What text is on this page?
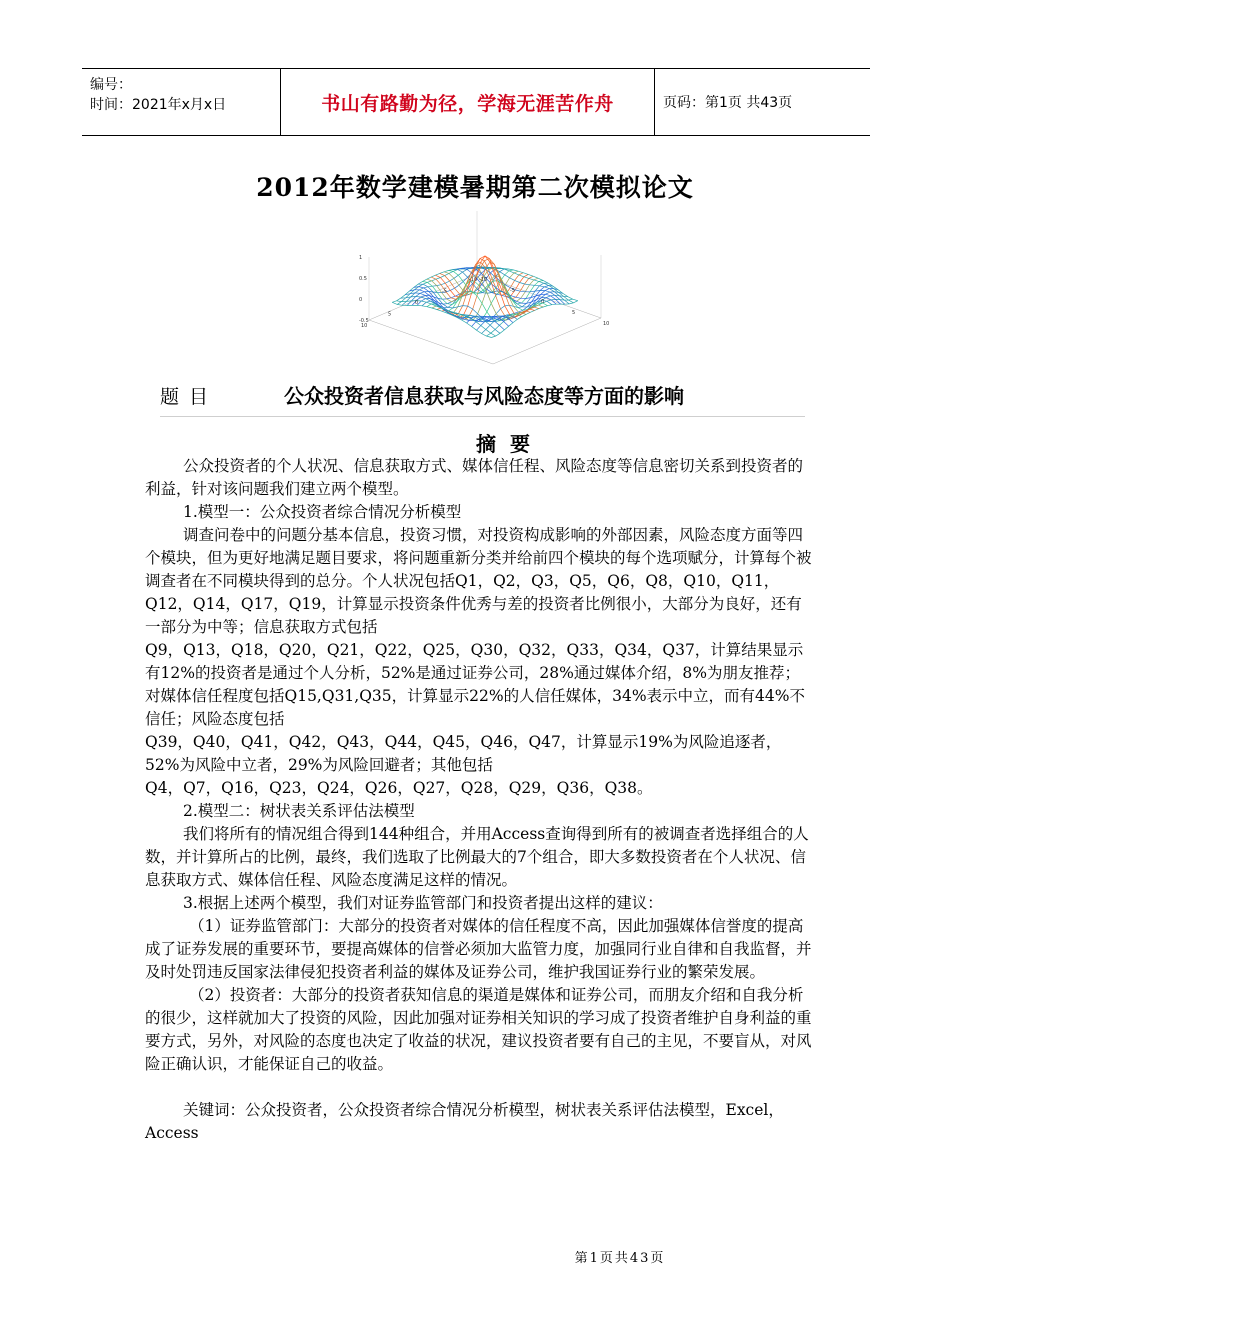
编号：
时间：2021年x月x日	书山有路勤为径，学海无涯苦作舟	页码：第1页 共43页
2012年数学建模暑期第二次模拟论文
1
0.5
0
-0.5
10
5
0
-5
-10
10
5
0
-5
-10
题目	公众投资者信息获取与风险态度等方面的影响
摘要

公众投资者的个人状况、信息获取方式、媒体信任程、风险态度等信息密切关系到投资者的利益，针对该问题我们建立两个模型。

1.模型一：公众投资者综合情况分析模型

调查问卷中的问题分基本信息，投资习惯，对投资构成影响的外部因素，风险态度方面等四个模块，但为更好地满足题目要求，将问题重新分类并给前四个模块的每个选项赋分，计算每个被调查者在不同模块得到的总分。个人状况包括Q1，Q2，Q3，Q5，Q6，Q8，Q10，Q11，Q12，Q14，Q17，Q19，计算显示投资条件优秀与差的投资者比例很小，大部分为良好，还有一部分为中等；信息获取方式包括

Q9，Q13，Q18，Q20，Q21，Q22，Q25，Q30，Q32，Q33，Q34，Q37，计算结果显示有12%的投资者是通过个人分析，52%是通过证券公司，28%通过媒体介绍，8%为朋友推荐；对媒体信任程度包括Q15,Q31,Q35，计算显示22%的人信任媒体，34%表示中立，而有44%不信任；风险态度包括

Q39，Q40，Q41，Q42，Q43，Q44，Q45，Q46，Q47，计算显示19%为风险追逐者，52%为风险中立者，29%为风险回避者；其他包括

Q4，Q7，Q16，Q23，Q24，Q26，Q27，Q28，Q29，Q36，Q38。

2.模型二：树状表关系评估法模型

我们将所有的情况组合得到144种组合，并用Access查询得到所有的被调查者选择组合的人数，并计算所占的比例，最终，我们选取了比例最大的7个组合，即大多数投资者在个人状况、信息获取方式、媒体信任程、风险态度满足这样的情况。

3.根据上述两个模型，我们对证券监管部门和投资者提出这样的建议：

（1）证券监管部门：大部分的投资者对媒体的信任程度不高，因此加强媒体信誉度的提高成了证券发展的重要环节，要提高媒体的信誉必须加大监管力度，加强同行业自律和自我监督，并及时处罚违反国家法律侵犯投资者利益的媒体及证券公司，维护我国证券行业的繁荣发展。

（2）投资者：大部分的投资者获知信息的渠道是媒体和证券公司，而朋友介绍和自我分析的很少，这样就加大了投资的风险，因此加强对证券相关知识的学习成了投资者维护自身利益的重要方式，另外，对风险的态度也决定了收益的状况，建议投资者要有自己的主见，不要盲从，对风险正确认识，才能保证自己的收益。

关键词：公众投资者，公众投资者综合情况分析模型，树状表关系评估法模型，Excel，Access

第1页共43页
